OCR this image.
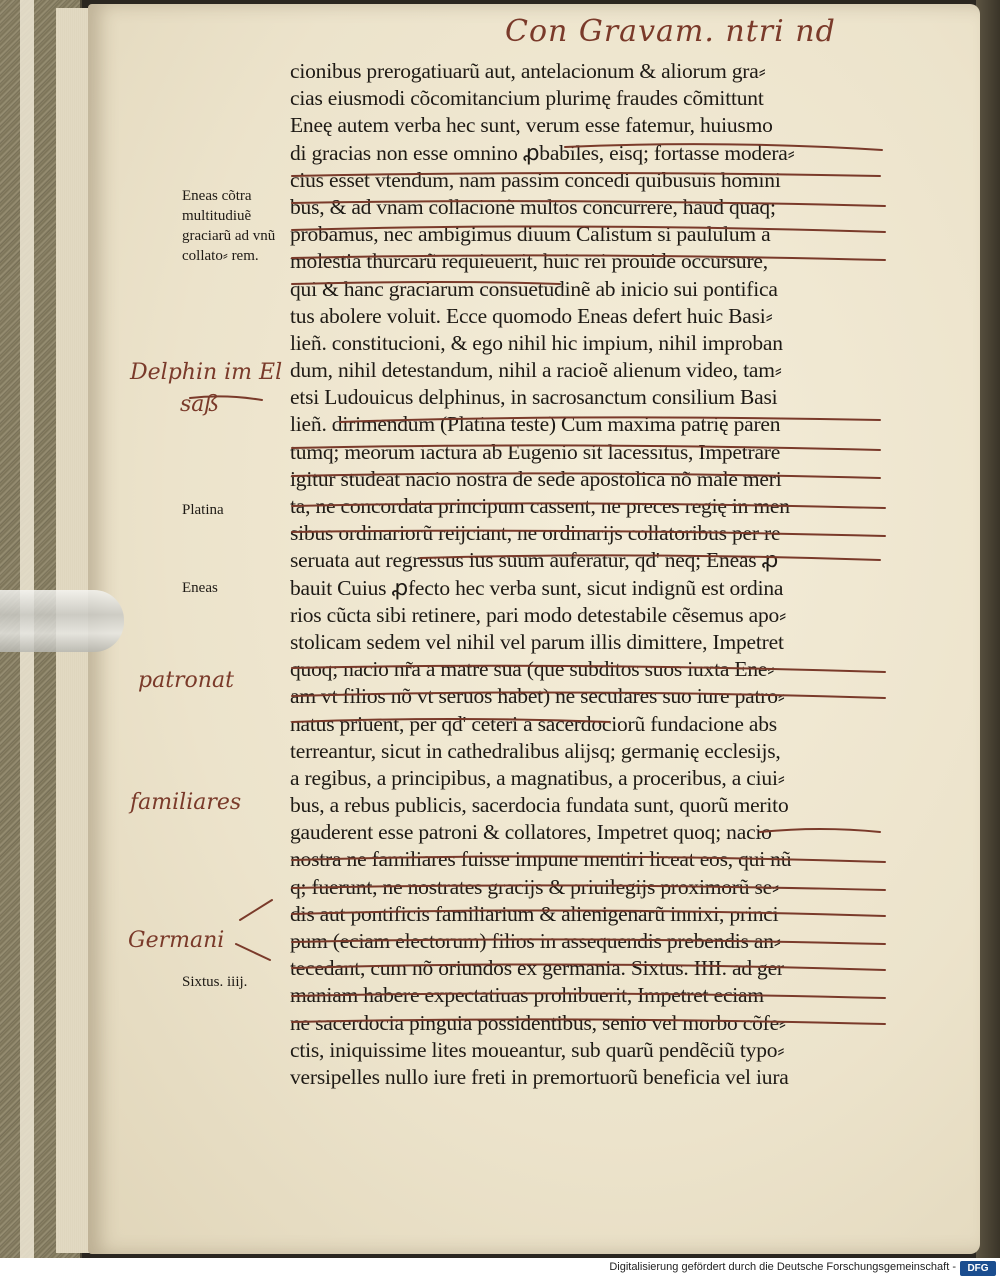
Con Gravam. ntri nd
cionibus prerogatiuarũ aut, antelacionum & aliorum gra⸗
cias eiusmodi cõcomitancium plurimę fraudes cõmittunt
Eneę autem verba hec sunt, verum esse fatemur, huiusmo
di gracias non esse omnino ꝓbabiles, eisq; fortasse modera⸗
cius esset vtendum, nam passim concedi quibusuis homini
bus, & ad vnam collacionẽ multos concurrere, haud quaq;
probamus, nec ambigimus diuum Calistum si paululum a
molestia thurcarũ requieuerit, huic rei prouide occursure,
qui & hanc graciarum consuetudinẽ ab inicio sui pontifica
tus abolere voluit. Ecce quomodo Eneas defert huic Basi⸗
lieñ. constitucioni, & ego nihil hic impium, nihil improban
dum, nihil detestandum, nihil a racioẽ alienum video, tam⸗
etsi Ludouicus delphinus, in sacrosanctum consilium Basi
lieñ. dirimendum (Platina teste) Cum maxima patrię paren
tumq; meorum iactura ab Eugenio sit lacessitus, Impetrare
igitur studeat nacio nostra de sede apostolica nõ male meri
ta, ne concordata principum cassent, ne preces regię in men
sibus ordinariorũ reijciant, ne ordinarijs collatoribus per re
seruata aut regressus ius suum auferatur, qd' neq; Eneas ꝓ
bauit Cuius ꝓfecto hec verba sunt, sicut indignũ est ordina
rios cũcta sibi retinere, pari modo detestabile cẽsemus apo⸗
stolicam sedem vel nihil vel parum illis dimittere, Impetret
quoq; nacio nr̃a a matre sua (que subditos suos iuxta Ene⸗
am vt filios nõ vt seruos habet) ne seculares suo iure patro⸗
natus priuent, per qd' ceteri a sacerdociorũ fundacione abs
terreantur, sicut in cathedralibus alijsq; germanię ecclesijs,
a regibus, a principibus, a magnatibus, a proceribus, a ciui⸗
bus, a rebus publicis, sacerdocia fundata sunt, quorũ merito
gauderent esse patroni & collatores, Impetret quoq; nacio
nostra ne familiares fuisse impune mentiri liceat eos, qui nũ
q; fuerunt, ne nostrates gracijs & priuilegijs proximorũ se⸗
dis aut pontificis familiarium & alienigenarũ innixi, princi
pum (eciam electorum) filios in assequendis prebendis an⸗
tecedant, cum nõ oriundos ex germania. Sixtus. IIII. ad ger
maniam habere expectatiuas prohibuerit, Impetret eciam
ne sacerdocia pinguia possidentibus, senio vel morbo cõfe⸗
ctis, iniquissime lites moueantur, sub quarũ pendẽciũ typo⸗
versipelles nullo iure freti in premortuorũ beneficia vel iura
Eneas cõtra multitudiuẽ graciarũ ad vnũ collato⸗ rem.
Platina
Eneas
Sixtus. iiij.
Delphin im El
saß
patronat
familiares
Germani
Digitalisierung gefördert durch die Deutsche Forschungsgemeinschaft -	DFG
